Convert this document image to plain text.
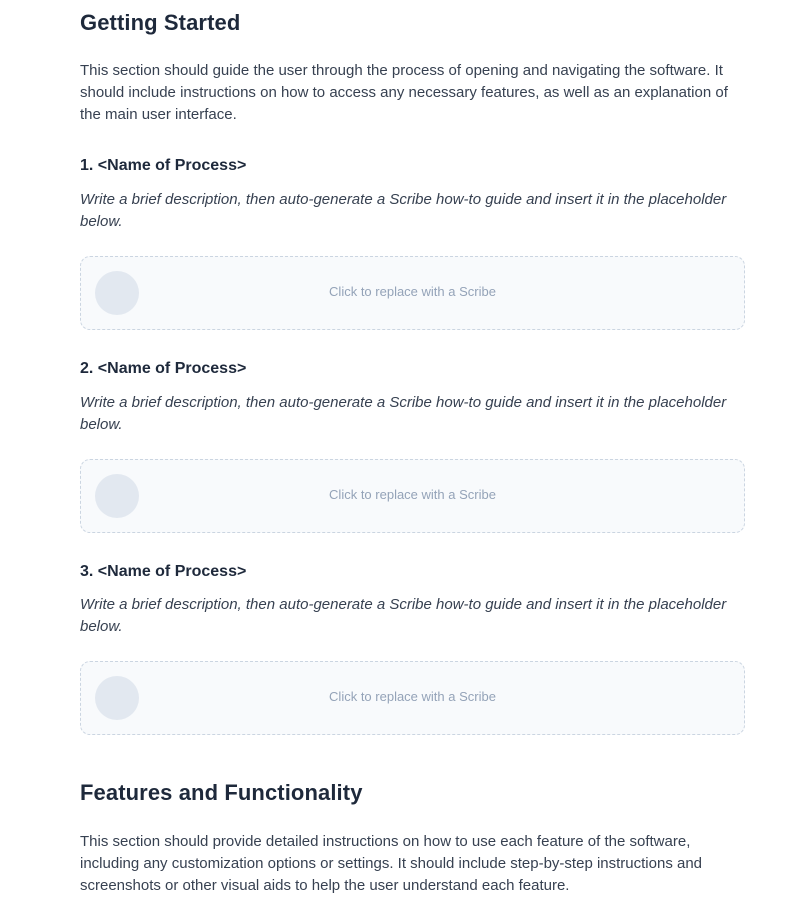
Getting Started

This section should guide the user through the process of opening and navigating the software. It should include instructions on how to access any necessary features, as well as an explanation of the main user interface.

1. <Name of Process>

Write a brief description, then auto-generate a Scribe how-to guide and insert it in the placeholder below.

Click to replace with a Scribe
2. <Name of Process>

Write a brief description, then auto-generate a Scribe how-to guide and insert it in the placeholder below.

Click to replace with a Scribe
3. <Name of Process>

Write a brief description, then auto-generate a Scribe how-to guide and insert it in the placeholder below.

Click to replace with a Scribe
Features and Functionality

This section should provide detailed instructions on how to use each feature of the software, including any customization options or settings. It should include step-by-step instructions and screenshots or other visual aids to help the user understand each feature.
